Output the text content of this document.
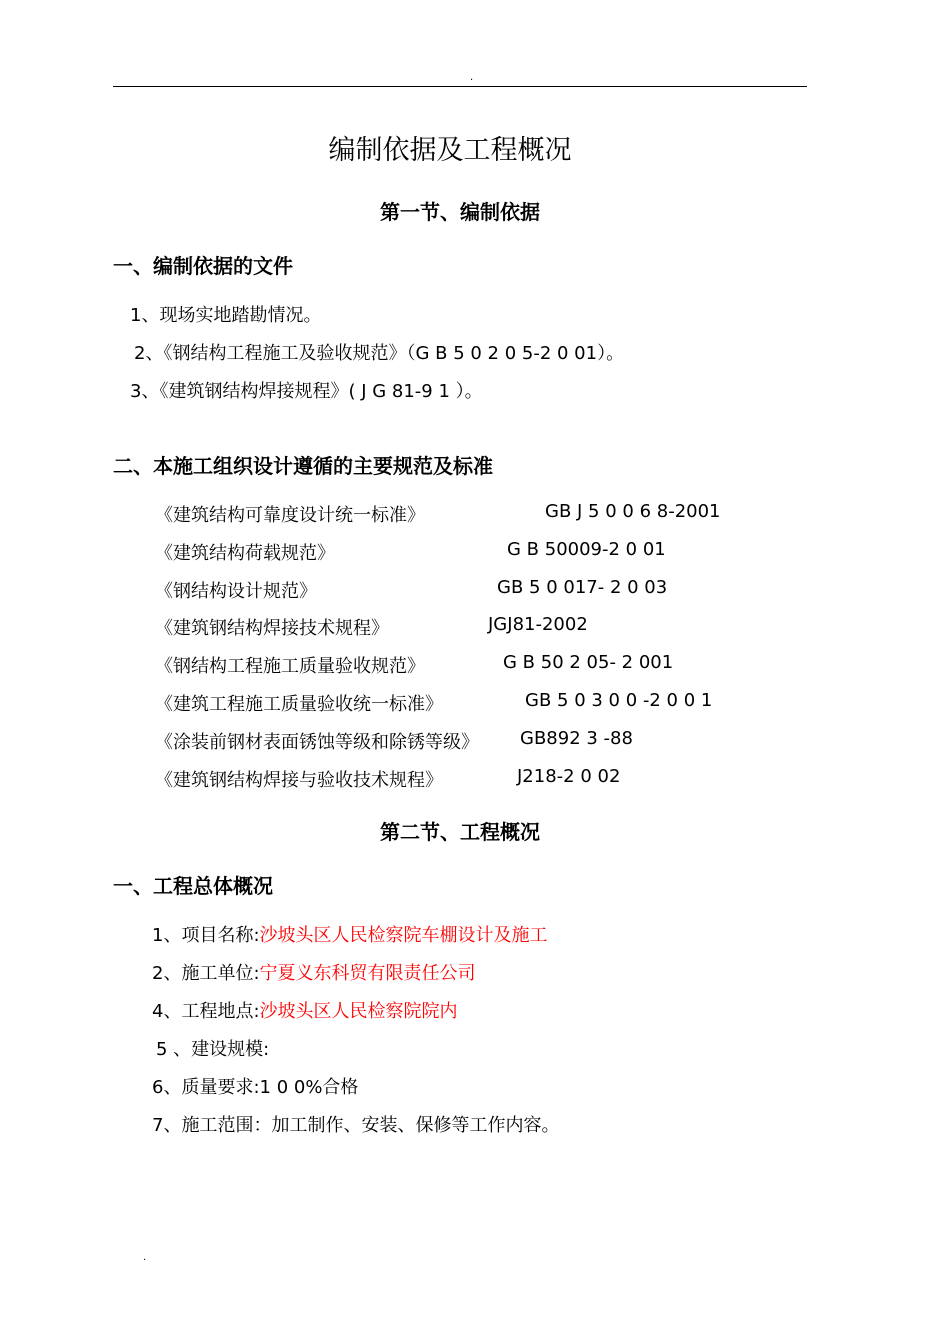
.
编制依据及工程概况
第一节、编制依据
一、编制依据的文件
1、现场实地踏勘情况。
2、《钢结构工程施工及验收规范》（G B 5 0 2 0 5-2 0 01）。
3、《建筑钢结构焊接规程》( J G 81-9 1 ）。
二、本施工组织设计遵循的主要规范及标准
《建筑结构可靠度设计统一标准》	GB J 5 0 0 6 8-2001
《建筑结构荷载规范》	G B 50009-2 0 01
《钢结构设计规范》	GB 5 0 017- 2 0 03
《建筑钢结构焊接技术规程》	JGJ81-2002
《钢结构工程施工质量验收规范》	G B 50 2 05- 2 001
《建筑工程施工质量验收统一标准》	GB 5 0 3 0 0 -2 0 0 1
《涂装前钢材表面锈蚀等级和除锈等级》 GB892 3 -88
《建筑钢结构焊接与验收技术规程》	J218-2 0 02
第二节、工程概况
一、工程总体概况
1、项目名称:沙坡头区人民检察院车棚设计及施工
2、施工单位:宁夏义东科贸有限责任公司
4、工程地点:沙坡头区人民检察院院内
5 、建设规模:
6、质量要求:1 0 0%合格
7、施工范围：加工制作、安装、保修等工作内容。
.
